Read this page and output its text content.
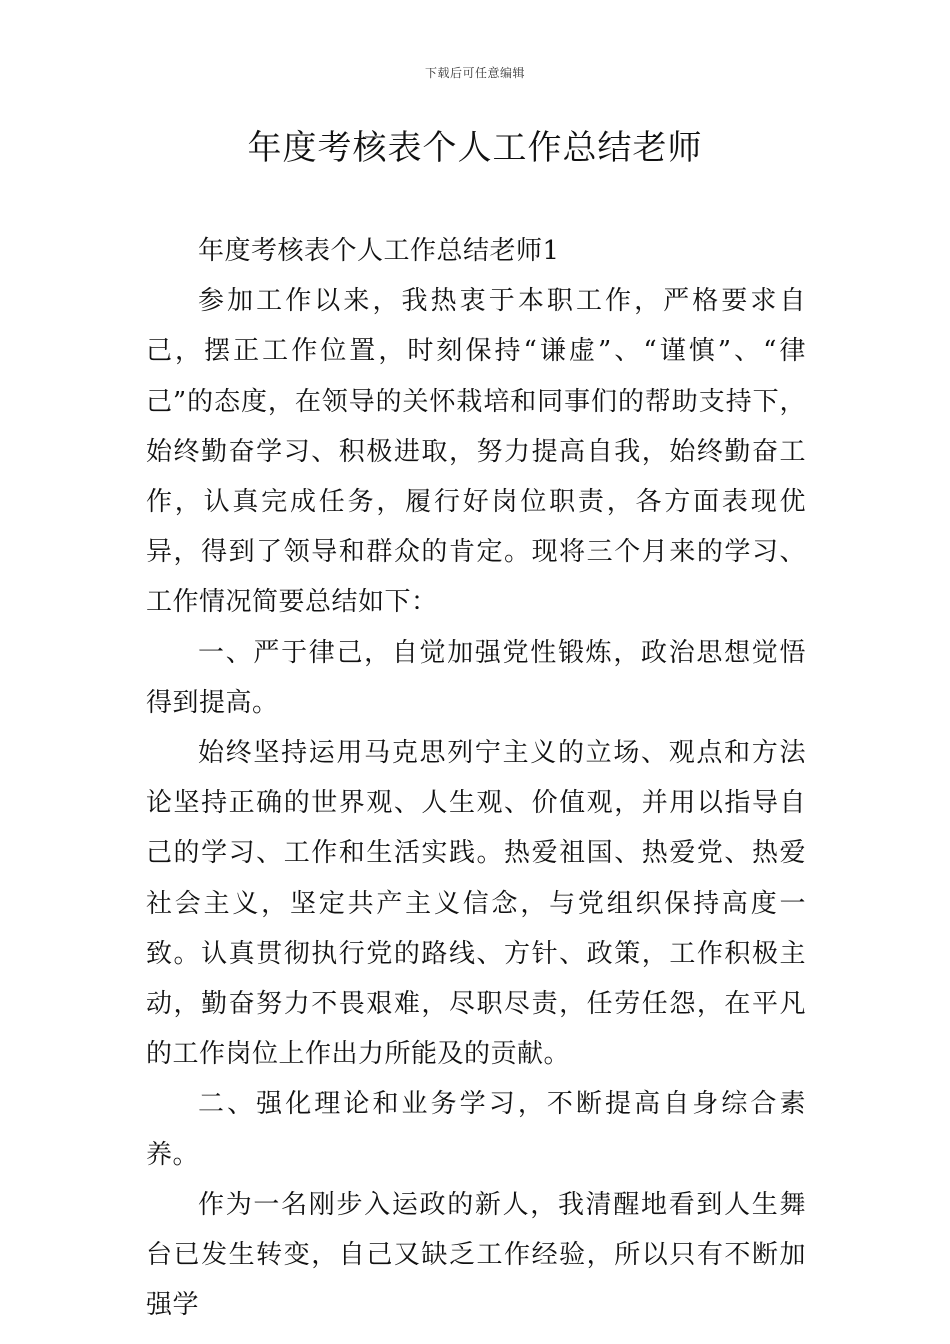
下载后可任意编辑
年度考核表个人工作总结老师

年度考核表个人工作总结老师1

参加工作以来，我热衷于本职工作，严格要求自己，摆正工作位置，时刻保持“谦虚”、“谨慎”、“律己”的态度，在领导的关怀栽培和同事们的帮助支持下，始终勤奋学习、积极进取，努力提高自我，始终勤奋工作，认真完成任务，履行好岗位职责，各方面表现优异，得到了领导和群众的肯定。现将三个月来的学习、工作情况简要总结如下：

一、严于律己，自觉加强党性锻炼，政治思想觉悟得到提高。

始终坚持运用马克思列宁主义的立场、观点和方法论坚持正确的世界观、人生观、价值观，并用以指导自己的学习、工作和生活实践。热爱祖国、热爱党、热爱社会主义，坚定共产主义信念，与党组织保持高度一致。认真贯彻执行党的路线、方针、政策，工作积极主动，勤奋努力不畏艰难，尽职尽责，任劳任怨，在平凡的工作岗位上作出力所能及的贡献。

二、强化理论和业务学习，不断提高自身综合素养。

作为一名刚步入运政的新人，我清醒地看到人生舞台已发生转变，自己又缺乏工作经验，所以只有不断加强学
